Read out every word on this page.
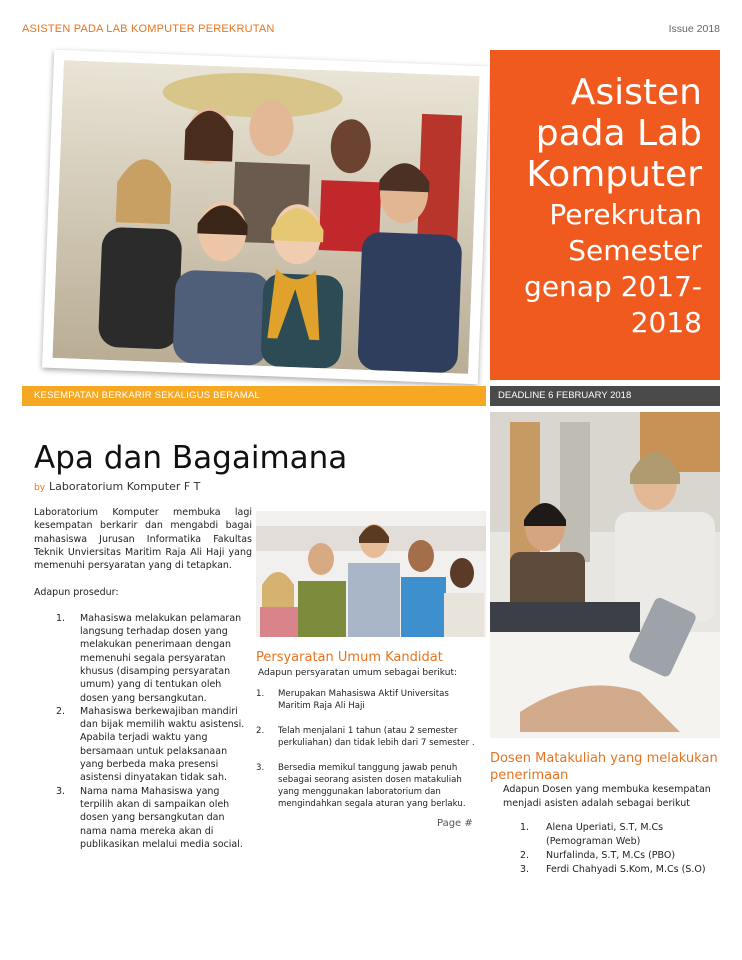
ASISTEN PADA LAB KOMPUTER PEREKRUTAN	Issue 2018
Asisten
pada Lab
Komputer
Perekrutan
Semester
genap 2017-
2018
KESEMPATAN BERKARIR SEKALIGUS BERAMAL	DEADLINE 6 FEBRUARY 2018
Apa dan Bagaimana
by Laboratorium Komputer F T

Laboratorium Komputer membuka lagi kesempatan berkarir dan mengabdi bagai mahasiswa Jurusan Informatika Fakultas Teknik Unviersitas Maritim Raja Ali Haji yang memenuhi persyaratan yang di tetapkan.

Adapun prosedur:

1. Mahasiswa melakukan pelamaran langsung terhadap dosen yang melakukan penerimaan dengan memenuhi segala persyaratan khusus (disamping persyaratan umum) yang di tentukan oleh dosen yang bersangkutan.
2. Mahasiswa berkewajiban mandiri dan bijak memilih waktu asistensi. Apabila terjadi waktu yang bersamaan untuk pelaksanaan yang berbeda maka presensi asistensi dinyatakan tidak sah.
3. Nama nama Mahasiswa yang terpilih akan di sampaikan oleh dosen yang bersangkutan dan nama nama mereka akan di publikasikan melalui media social.
Persyaratan Umum Kandidat
Adapun persyaratan umum sebagai berikut:
1. Merupakan Mahasiswa Aktif Universitas Maritim Raja Ali Haji
2. Telah menjalani 1 tahun (atau 2 semester perkuliahan) dan tidak lebih dari 7 semester .
3. Bersedia memikul tanggung jawab penuh sebagai seorang asisten dosen matakuliah yang menggunakan laboratorium dan mengindahkan segala aturan yang berlaku.
Page #
Dosen Matakuliah yang melakukan penerimaan
Adapun Dosen yang membuka kesempatan menjadi asisten adalah sebagai berikut
1. Alena Uperiati, S.T, M.Cs (Pemograman Web)
2. Nurfalinda, S.T, M.Cs (PBO)
3. Ferdi Chahyadi S.Kom, M.Cs (S.O)
